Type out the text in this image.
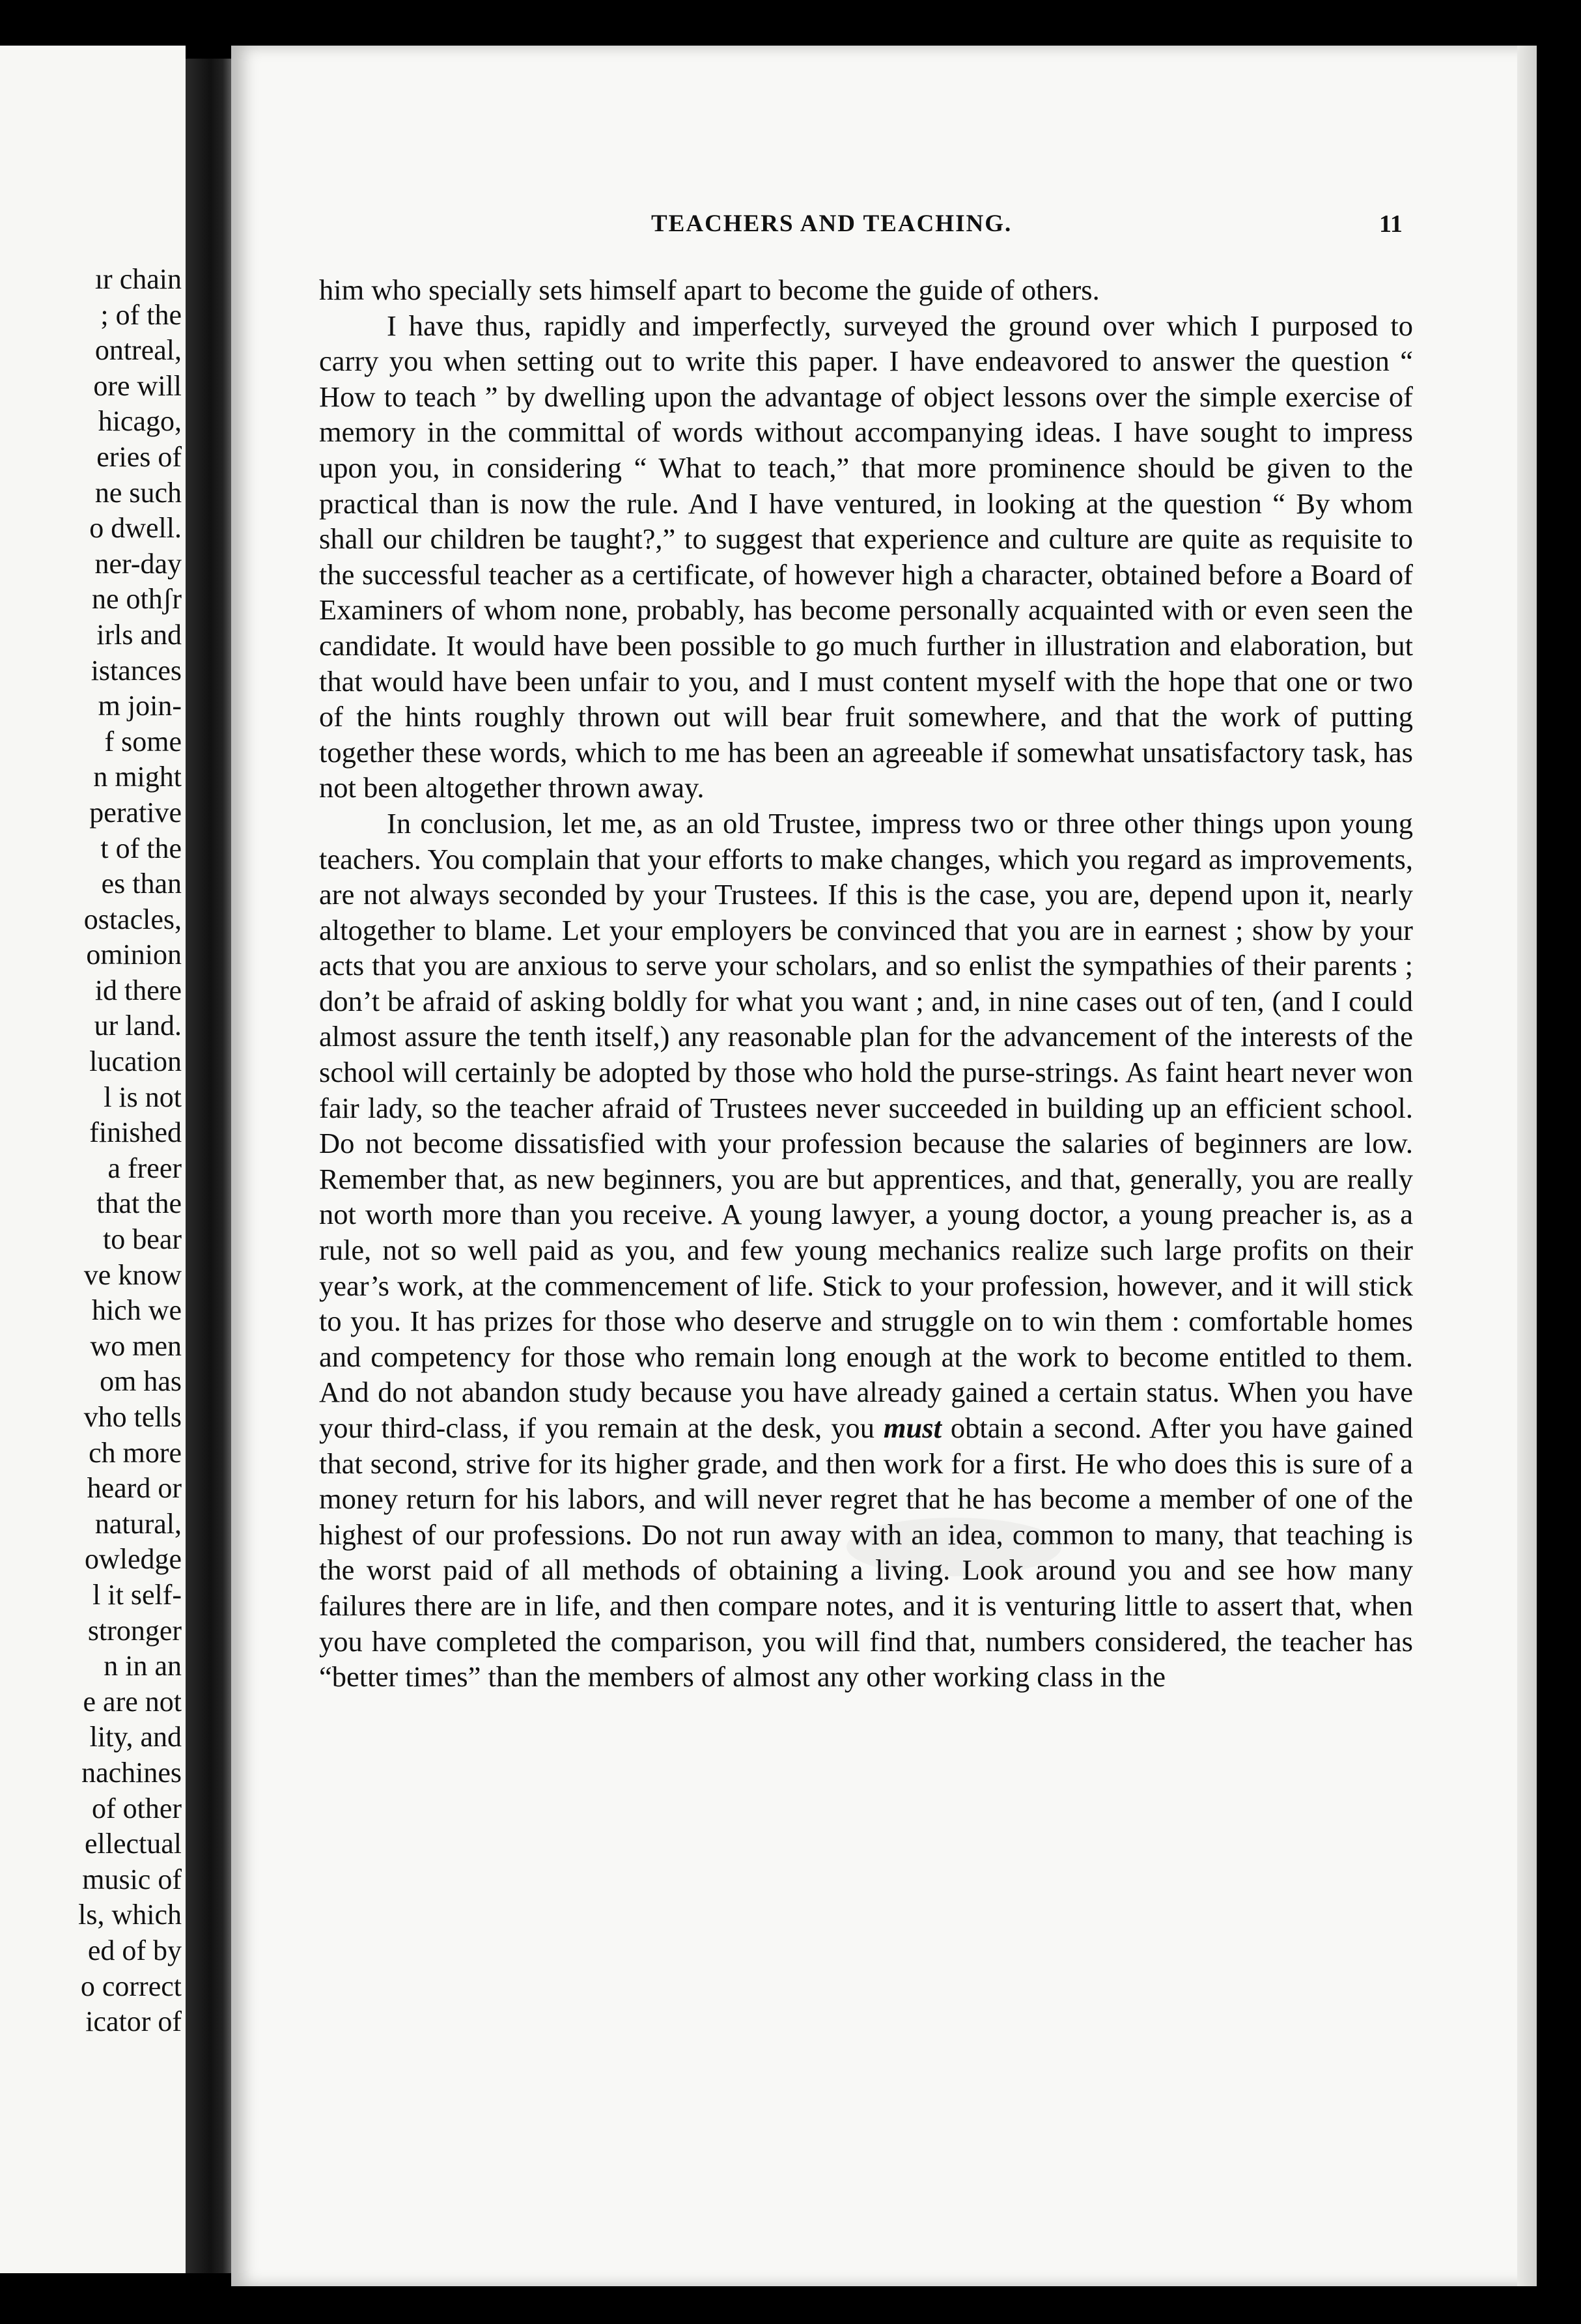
ır chain
; of the
ontreal,
ore will
hicago,
eries of
ne such
o dwell.
ner-day
ne othʃr
irls and
istances
m join-
f some
n might
perative
t of the
es than
ostacles,
ominion
id there
ur land.
lucation
l is not
finished
a freer
that the
to bear
ve know
hich we
wo men
om has
vho tells
ch more
heard or
natural,
owledge
l it self-
stronger
n in an
e are not
lity, and
nachines
of other
ellectual
music of
ls, which
ed of by
o correct
icator of
TEACHERS AND TEACHING.	11

him who specially sets himself apart to become the guide of others.

I have thus, rapidly and imperfectly, surveyed the ground over which I purposed to carry you when setting out to write this paper. I have endeavored to answer the question “ How to teach ” by dwelling upon the advantage of object lessons over the simple exercise of memory in the committal of words without accompanying ideas. I have sought to impress upon you, in considering “ What to teach,” that more prominence should be given to the practical than is now the rule. And I have ventured, in looking at the question “ By whom shall our children be taught?,” to suggest that experience and culture are quite as requisite to the successful teacher as a certificate, of however high a character, obtained before a Board of Examiners of whom none, probably, has become personally acquainted with or even seen the candidate. It would have been possible to go much further in illustration and elaboration, but that would have been unfair to you, and I must content myself with the hope that one or two of the hints roughly thrown out will bear fruit somewhere, and that the work of putting together these words, which to me has been an agreeable if somewhat unsatisfactory task, has not been altogether thrown away.

In conclusion, let me, as an old Trustee, impress two or three other things upon young teachers. You complain that your efforts to make changes, which you regard as improvements, are not always seconded by your Trustees. If this is the case, you are, depend upon it, nearly altogether to blame. Let your employers be convinced that you are in earnest ; show by your acts that you are anxious to serve your scholars, and so enlist the sympathies of their parents ; don’t be afraid of asking boldly for what you want ; and, in nine cases out of ten, (and I could almost assure the tenth itself,) any reasonable plan for the advancement of the interests of the school will certainly be adopted by those who hold the purse-strings. As faint heart never won fair lady, so the teacher afraid of Trustees never succeeded in building up an efficient school. Do not become dissatisfied with your profession because the salaries of beginners are low. Remember that, as new beginners, you are but apprentices, and that, generally, you are really not worth more than you receive. A young lawyer, a young doctor, a young preacher is, as a rule, not so well paid as you, and few young mechanics realize such large profits on their year’s work, at the commencement of life. Stick to your profession, however, and it will stick to you. It has prizes for those who deserve and struggle on to win them : comfortable homes and competency for those who remain long enough at the work to become entitled to them. And do not abandon study because you have already gained a certain status. When you have your third-class, if you remain at the desk, you must obtain a second. After you have gained that second, strive for its higher grade, and then work for a first. He who does this is sure of a money return for his labors, and will never regret that he has become a member of one of the highest of our professions. Do not run away with an idea, common to many, that teaching is the worst paid of all methods of obtaining a living. Look around you and see how many failures there are in life, and then compare notes, and it is venturing little to assert that, when you have completed the comparison, you will find that, numbers considered, the teacher has “better times” than the members of almost any other working class in the
